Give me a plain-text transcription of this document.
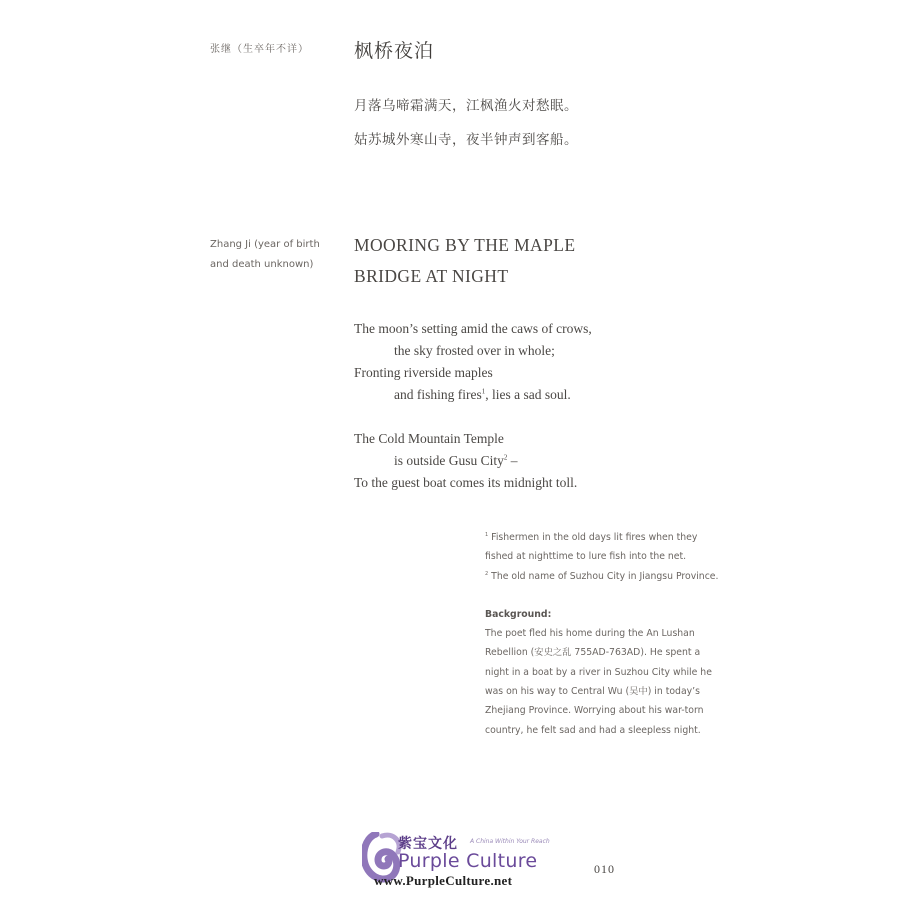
张继（生卒年不详） 枫桥夜泊
月落乌啼霜满天，江枫渔火对愁眠。
姑苏城外寒山寺，夜半钟声到客船。
Zhang Ji (year of birth and death unknown)
MOORING BY THE MAPLE
BRIDGE AT NIGHT
The moon’s setting amid the caws of crows,
the sky frosted over in whole;
Fronting riverside maples
and fishing fires$^1$, lies a sad soul.
The Cold Mountain Temple
is outside Gusu City$^2$ –
To the guest boat comes its midnight toll.
$^1$ Fishermen in the old days lit fires when they fished at nighttime to lure fish into the net.
$^2$ The old name of Suzhou City in Jiangsu Province.
Background:
The poet fled his home during the An Lushan Rebellion (安史之乱 755AD-763AD). He spent a night in a boat by a river in Suzhou City while he was on his way to Central Wu (吴中) in today’s Zhejiang Province. Worrying about his war-torn country, he felt sad and had a sleepless night.
紫宝文化 A China Within Your Reach
Purple Culture
www.PurpleCulture.net
010
